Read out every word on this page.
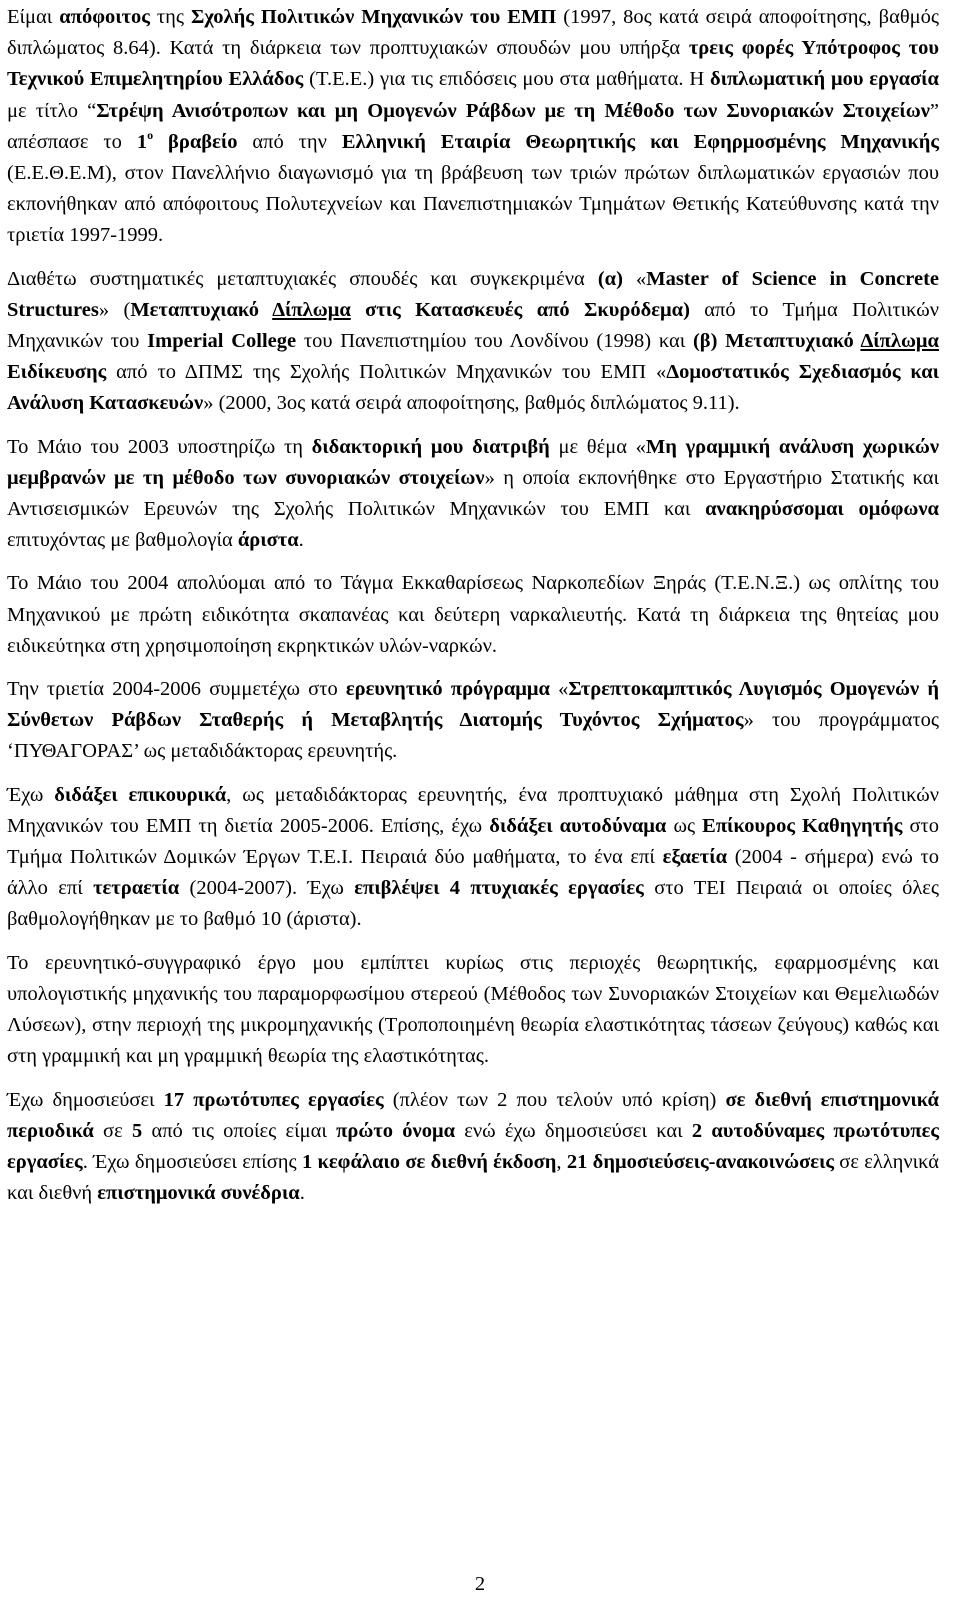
Είμαι απόφοιτος της Σχολής Πολιτικών Μηχανικών του ΕΜΠ (1997, 8ος κατά σειρά αποφοίτησης, βαθμός διπλώματος 8.64). Κατά τη διάρκεια των προπτυχιακών σπουδών μου υπήρξα τρεις φορές Υπότροφος του Τεχνικού Επιμελητηρίου Ελλάδος (Τ.Ε.Ε.) για τις επιδόσεις μου στα μαθήματα. Η διπλωματική μου εργασία με τίτλο “Στρέψη Ανισότροπων και μη Ομογενών Ράβδων με τη Μέθοδο των Συνοριακών Στοιχείων” απέσπασε το $1^o$ βραβείο από την Ελληνική Εταιρία Θεωρητικής και Εφηρμοσμένης Μηχανικής (Ε.Ε.Θ.Ε.Μ), στον Πανελλήνιο διαγωνισμό για τη βράβευση των τριών πρώτων διπλωματικών εργασιών που εκπονήθηκαν από απόφοιτους Πολυτεχνείων και Πανεπιστημιακών Τμημάτων Θετικής Κατεύθυνσης κατά την τριετία 1997-1999.

Διαθέτω συστηματικές μεταπτυχιακές σπουδές και συγκεκριμένα (α) «Master of Science in Concrete Structures» (Μεταπτυχιακό Δίπλωμα στις Κατασκευές από Σκυρόδεμα) από το Τμήμα Πολιτικών Μηχανικών του Imperial College του Πανεπιστημίου του Λονδίνου (1998) και (β) Μεταπτυχιακό Δίπλωμα Ειδίκευσης από το ΔΠΜΣ της Σχολής Πολιτικών Μηχανικών του ΕΜΠ «Δομοστατικός Σχεδιασμός και Ανάλυση Κατασκευών» (2000, 3ος κατά σειρά αποφοίτησης, βαθμός διπλώματος 9.11).

Το Μάιο του 2003 υποστηρίζω τη διδακτορική μου διατριβή με θέμα «Μη γραμμική ανάλυση χωρικών μεμβρανών με τη μέθοδο των συνοριακών στοιχείων» η οποία εκπονήθηκε στο Εργαστήριο Στατικής και Αντισεισμικών Ερευνών της Σχολής Πολιτικών Μηχανικών του ΕΜΠ και ανακηρύσσομαι ομόφωνα επιτυχόντας με βαθμολογία άριστα.

Το Μάιο του 2004 απολύομαι από το Τάγμα Εκκαθαρίσεως Ναρκοπεδίων Ξηράς (Τ.Ε.Ν.Ξ.) ως οπλίτης του Μηχανικού με πρώτη ειδικότητα σκαπανέας και δεύτερη ναρκαλιευτής. Κατά τη διάρκεια της θητείας μου ειδικεύτηκα στη χρησιμοποίηση εκρηκτικών υλών-ναρκών.

Την τριετία 2004-2006 συμμετέχω στο ερευνητικό πρόγραμμα «Στρεπτοκαμπτικός Λυγισμός Ομογενών ή Σύνθετων Ράβδων Σταθερής ή Μεταβλητής Διατομής Τυχόντος Σχήματος» του προγράμματος ‘ΠΥΘΑΓΟΡΑΣ’ ως μεταδιδάκτορας ερευνητής.

Έχω διδάξει επικουρικά, ως μεταδιδάκτορας ερευνητής, ένα προπτυχιακό μάθημα στη Σχολή Πολιτικών Μηχανικών του ΕΜΠ τη διετία 2005-2006. Επίσης, έχω διδάξει αυτοδύναμα ως Επίκουρος Καθηγητής στο Τμήμα Πολιτικών Δομικών Έργων Τ.Ε.Ι. Πειραιά δύο μαθήματα, το ένα επί εξαετία (2004 - σήμερα) ενώ το άλλο επί τετραετία (2004-2007). Έχω επιβλέψει 4 πτυχιακές εργασίες στο ΤΕΙ Πειραιά οι οποίες όλες βαθμολογήθηκαν με το βαθμό 10 (άριστα).

Το ερευνητικό-συγγραφικό έργο μου εμπίπτει κυρίως στις περιοχές θεωρητικής, εφαρμοσμένης και υπολογιστικής μηχανικής του παραμορφωσίμου στερεού (Μέθοδος των Συνοριακών Στοιχείων και Θεμελιωδών Λύσεων), στην περιοχή της μικρομηχανικής (Τροποποιημένη θεωρία ελαστικότητας τάσεων ζεύγους) καθώς και στη γραμμική και μη γραμμική θεωρία της ελαστικότητας.

Έχω δημοσιεύσει 17 πρωτότυπες εργασίες (πλέον των 2 που τελούν υπό κρίση) σε διεθνή επιστημονικά περιοδικά σε 5 από τις οποίες είμαι πρώτο όνομα ενώ έχω δημοσιεύσει και 2 αυτοδύναμες πρωτότυπες εργασίες. Έχω δημοσιεύσει επίσης 1 κεφάλαιο σε διεθνή έκδοση, 21 δημοσιεύσεις-ανακοινώσεις σε ελληνικά και διεθνή επιστημονικά συνέδρια.

2
